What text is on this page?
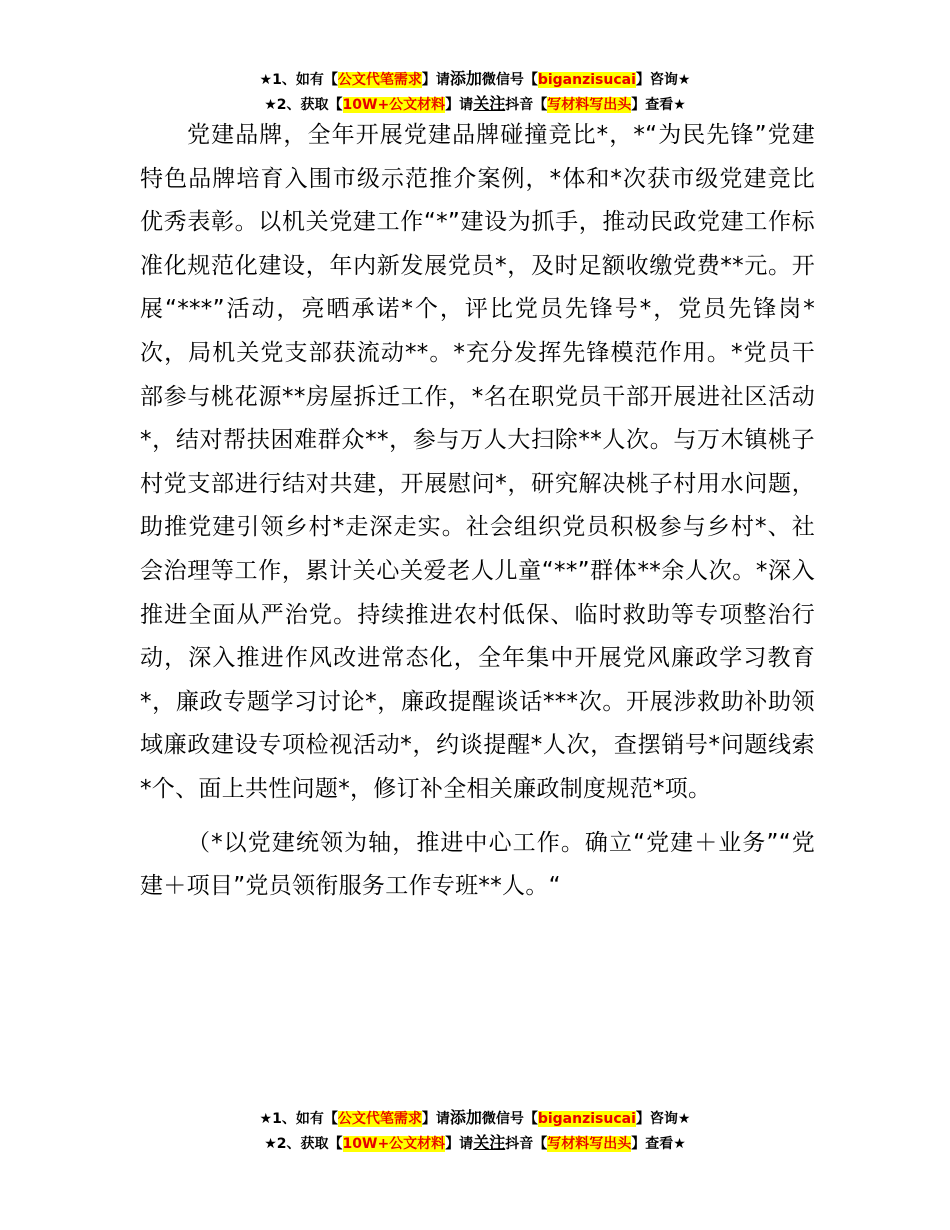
★1、如有【公文代笔需求】请添加微信号【biganzisucai】咨询★
★2、获取【10W+公文材料】请关注抖音【写材料写出头】查看★

党建品牌，全年开展党建品牌碰撞竞比*，*“为民先锋”党建特色品牌培育入围市级示范推介案例，*体和*次获市级党建竞比优秀表彰。以机关党建工作“*”建设为抓手，推动民政党建工作标准化规范化建设，年内新发展党员*，及时足额收缴党费**元。开展“***”活动，亮晒承诺*个，评比党员先锋号*，党员先锋岗*次，局机关党支部获流动**。*充分发挥先锋模范作用。*党员干部参与桃花源**房屋拆迁工作，*名在职党员干部开展进社区活动*，结对帮扶困难群众**，参与万人大扫除**人次。与万木镇桃子村党支部进行结对共建，开展慰问*，研究解决桃子村用水问题，助推党建引领乡村*走深走实。社会组织党员积极参与乡村*、社会治理等工作，累计关心关爱老人儿童“**”群体**余人次。*深入推进全面从严治党。持续推进农村低保、临时救助等专项整治行动，深入推进作风改进常态化，全年集中开展党风廉政学习教育*，廉政专题学习讨论*，廉政提醒谈话***次。开展涉救助补助领域廉政建设专项检视活动*，约谈提醒*人次，查摆销号*问题线索*个、面上共性问题*，修订补全相关廉政制度规范*项。

（*以党建统领为轴，推进中心工作。确立“党建＋业务”“党建＋项目”党员领衔服务工作专班**人。“

★1、如有【公文代笔需求】请添加微信号【biganzisucai】咨询★
★2、获取【10W+公文材料】请关注抖音【写材料写出头】查看★
